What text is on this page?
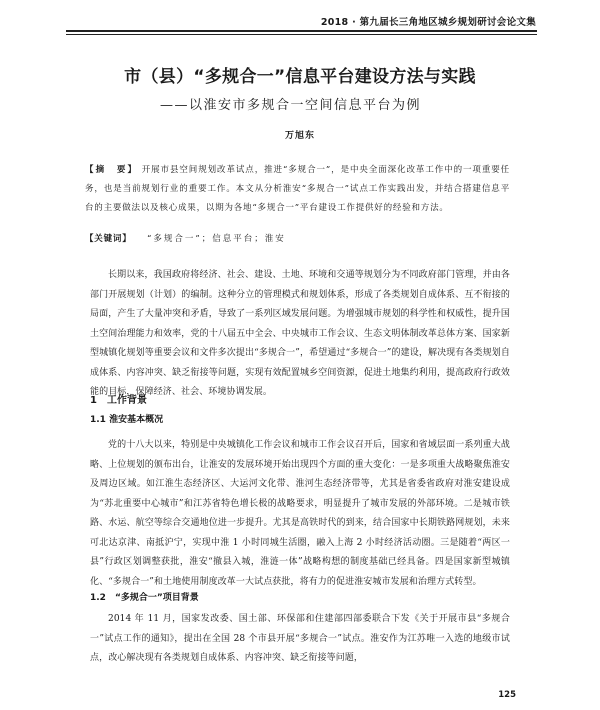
2018 · 第九届长三角地区城乡规划研讨会论文集
市（县）“多规合一”信息平台建设方法与实践
——以淮安市多规合一空间信息平台为例
万旭东
【摘　要】 开展市县空间规划改革试点，推进“多规合一”，是中央全面深化改革工作中的一项重要任务，也是当前规划行业的重要工作。本文从分析淮安“多规合一”试点工作实践出发，并结合搭建信息平台的主要做法以及核心成果，以期为各地“多规合一”平台建设工作提供好的经验和方法。
【关键词】 “多规合一”；信息平台；淮安

长期以来，我国政府将经济、社会、建设、土地、环境和交通等规划分为不同政府部门管理，并由各部门开展规划（计划）的编制。这种分立的管理模式和规划体系，形成了各类规划自成体系、互不衔接的局面，产生了大量冲突和矛盾，导致了一系列区域发展问题。为增强城市规划的科学性和权威性，提升国土空间治理能力和效率，党的十八届五中全会、中央城市工作会议、生态文明体制改革总体方案、国家新型城镇化规划等重要会议和文件多次提出“多规合一”，希望通过“多规合一”的建设，解决现有各类规划自成体系、内容冲突、缺乏衔接等问题，实现有效配置城乡空间资源，促进土地集约利用，提高政府行政效能的目标，保障经济、社会、环境协调发展。

1　工作背景
1.1 淮安基本概况

党的十八大以来，特别是中央城镇化工作会议和城市工作会议召开后，国家和省域层面一系列重大战略、上位规划的颁布出台，让淮安的发展环境开始出现四个方面的重大变化：一是多项重大战略聚焦淮安及周边区域。如江淮生态经济区、大运河文化带、淮河生态经济带等，尤其是省委省政府对淮安建设成为“苏北重要中心城市”和江苏省特色增长极的战略要求，明显提升了城市发展的外部环境。二是城市铁路、水运、航空等综合交通地位进一步提升。尤其是高铁时代的到来，结合国家中长期铁路网规划，未来可北达京津、南抵沪宁，实现中淮 1 小时同城生活圈，融入上海 2 小时经济活动圈。三是随着“两区一县”行政区划调整获批，淮安“撤县入城，淮涟一体”战略构想的制度基础已经具备。四是国家新型城镇化、“多规合一”和土地使用制度改革一大试点获批，将有力的促进淮安城市发展和治理方式转型。

1.2　“多规合一”项目背景

2014 年 11 月，国家发改委、国土部、环保部和住建部四部委联合下发《关于开展市县“多规合一”试点工作的通知》，提出在全国 28 个市县开展“多规合一”试点。淮安作为江苏唯一入选的地级市试点，改心解决现有各类规划自成体系、内容冲突、缺乏衔接等问题，

125
